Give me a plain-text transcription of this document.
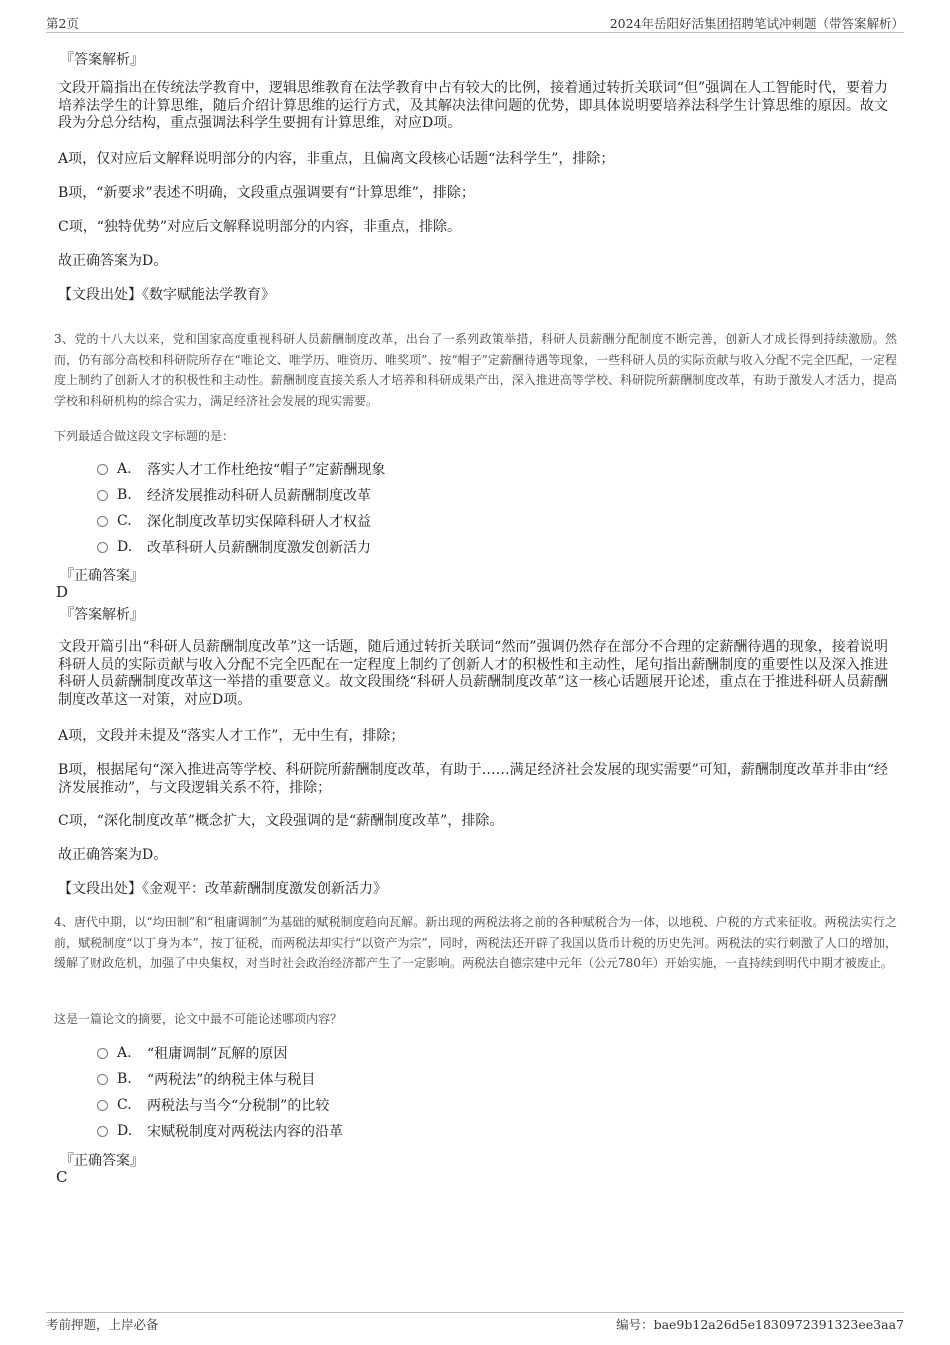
第2页	2024年岳阳好活集团招聘笔试冲刺题（带答案解析）
『答案解析』
文段开篇指出在传统法学教育中，逻辑思维教育在法学教育中占有较大的比例，接着通过转折关联词“但”强调在人工智能时代，要着力培养法学生的计算思维，随后介绍计算思维的运行方式，及其解决法律问题的优势，即具体说明要培养法科学生计算思维的原因。故文段为分总分结构，重点强调法科学生要拥有计算思维，对应D项。
A项，仅对应后文解释说明部分的内容，非重点，且偏离文段核心话题“法科学生”，排除；
B项，“新要求”表述不明确，文段重点强调要有“计算思维”，排除；
C项，“独特优势”对应后文解释说明部分的内容，非重点，排除。
故正确答案为D。
【文段出处】《数字赋能法学教育》
3、党的十八大以来，党和国家高度重视科研人员薪酬制度改革，出台了一系列政策举措，科研人员薪酬分配制度不断完善，创新人才成长得到持续激励。然而，仍有部分高校和科研院所存在“唯论文、唯学历、唯资历、唯奖项”、按“帽子”定薪酬待遇等现象，一些科研人员的实际贡献与收入分配不完全匹配，一定程度上制约了创新人才的积极性和主动性。薪酬制度直接关系人才培养和科研成果产出，深入推进高等学校、科研院所薪酬制度改革，有助于激发人才活力，提高学校和科研机构的综合实力，满足经济社会发展的现实需要。
下列最适合做这段文字标题的是：
A.	落实人才工作杜绝按“帽子”定薪酬现象
B.	经济发展推动科研人员薪酬制度改革
C.	深化制度改革切实保障科研人才权益
D.	改革科研人员薪酬制度激发创新活力
『正确答案』
D
『答案解析』
文段开篇引出“科研人员薪酬制度改革”这一话题，随后通过转折关联词“然而”强调仍然存在部分不合理的定薪酬待遇的现象，接着说明科研人员的实际贡献与收入分配不完全匹配在一定程度上制约了创新人才的积极性和主动性，尾句指出薪酬制度的重要性以及深入推进科研人员薪酬制度改革这一举措的重要意义。故文段围绕“科研人员薪酬制度改革”这一核心话题展开论述，重点在于推进科研人员薪酬制度改革这一对策，对应D项。
A项，文段并未提及“落实人才工作”，无中生有，排除；
B项，根据尾句“深入推进高等学校、科研院所薪酬制度改革，有助于……满足经济社会发展的现实需要”可知，薪酬制度改革并非由“经济发展推动”，与文段逻辑关系不符，排除；
C项，“深化制度改革”概念扩大，文段强调的是“薪酬制度改革”，排除。
故正确答案为D。
【文段出处】《金观平：改革薪酬制度激发创新活力》
4、唐代中期，以“均田制”和“租庸调制”为基础的赋税制度趋向瓦解。新出现的两税法将之前的各种赋税合为一体，以地税、户税的方式来征收。两税法实行之前，赋税制度“以丁身为本”，按丁征税，而两税法却实行“以资产为宗”，同时，两税法还开辟了我国以货币计税的历史先河。两税法的实行刺激了人口的增加，缓解了财政危机，加强了中央集权，对当时社会政治经济都产生了一定影响。两税法自德宗建中元年（公元780年）开始实施，一直持续到明代中期才被废止。
这是一篇论文的摘要，论文中最不可能论述哪项内容？
A.	“租庸调制”瓦解的原因
B.	“两税法”的纳税主体与税目
C.	两税法与当今“分税制”的比较
D.	宋赋税制度对两税法内容的沿革
『正确答案』
C
考前押题，上岸必备	编号：bae9b12a26d5e1830972391323ee3aa7
